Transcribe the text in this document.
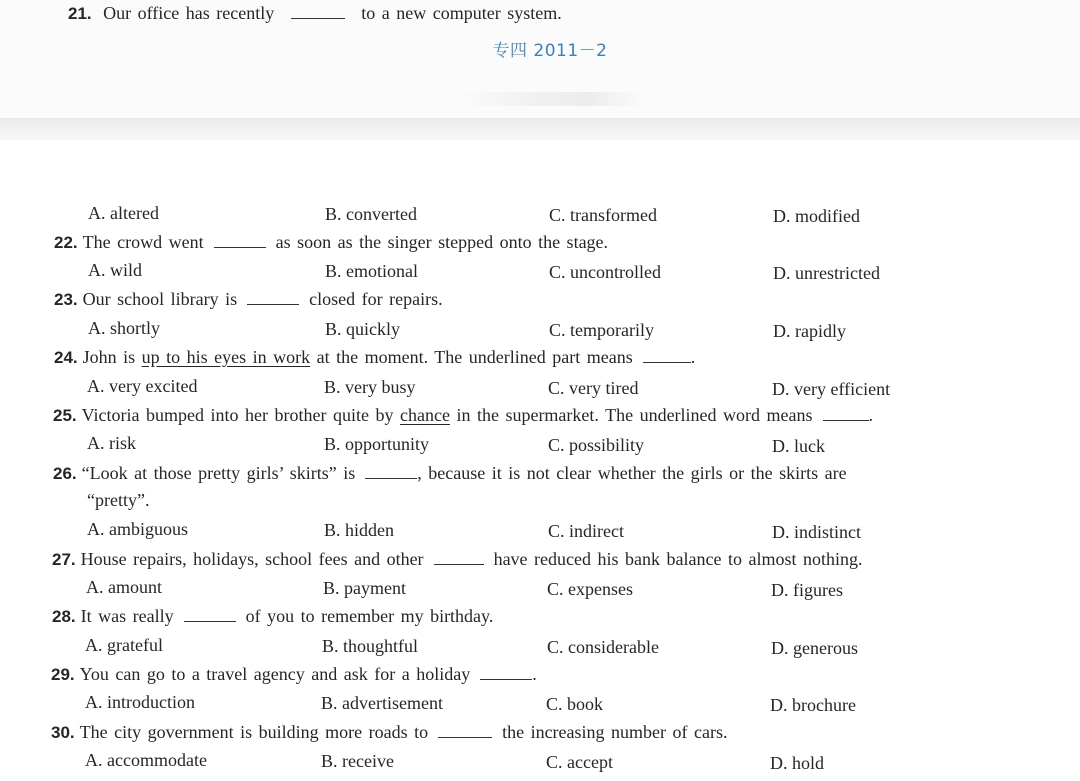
21. Our office has recently	to a new computer system.
专四 2011－2
A. altered	B. converted	C. transformed	D. modified
22. The crowd went	as soon as the singer stepped onto the stage.
A. wild	B. emotional	C. uncontrolled	D. unrestricted
23. Our school library is	closed for repairs.
A. shortly	B. quickly	C. temporarily	D. rapidly
24. John is up to his eyes in work at the moment. The underlined part means	.
A. very excited	B. very busy	C. very tired	D. very efficient
25. Victoria bumped into her brother quite by chance in the supermarket. The underlined word means	.
A. risk	B. opportunity	C. possibility	D. luck
26. “Look at those pretty girls’ skirts” is	, because it is not clear whether the girls or the skirts are
“pretty”.
A. ambiguous	B. hidden	C. indirect	D. indistinct
27. House repairs, holidays, school fees and other	have reduced his bank balance to almost nothing.
A. amount	B. payment	C. expenses	D. figures
28. It was really	of you to remember my birthday.
A. grateful	B. thoughtful	C. considerable	D. generous
29. You can go to a travel agency and ask for a holiday	.
A. introduction	B. advertisement	C. book	D. brochure
30. The city government is building more roads to	the increasing number of cars.
A. accommodate	B. receive	C. accept	D. hold
